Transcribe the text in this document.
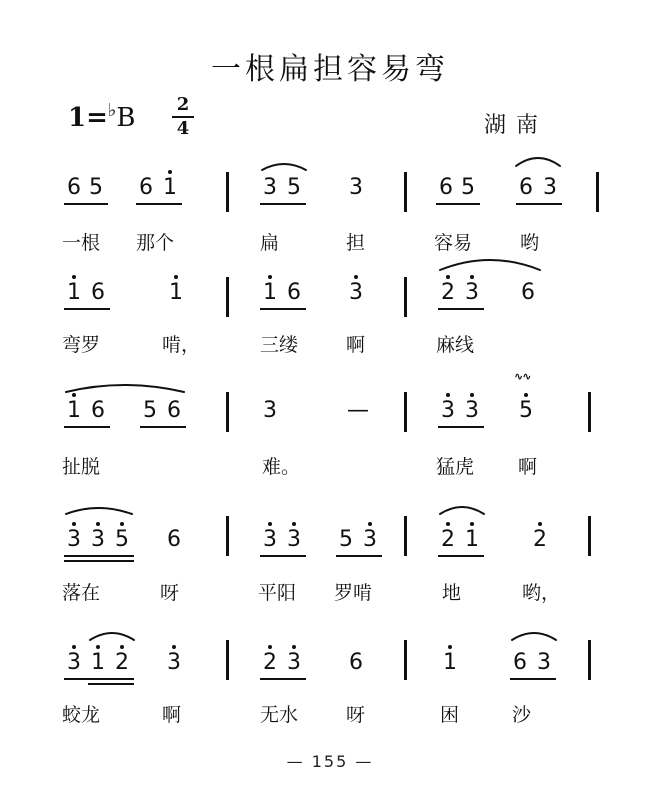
一根扁担容易弯
1=♭B 2
4	湖南
6 5 6 1	3 5 3	6 5 6 3
一根 那个	扁	担	容易	哟
1 6	1	1 6 3	2 3 6
弯罗	啃，	三缕	啊	麻线
1 6 5 6	3	—	3 3 5
∿∿
扯脱	难。	猛虎 啊
3 3 5 6	3 3 5 3	2 1 2
落在	呀	平阳 罗啃	地	哟，
3 1 2 3	2 3 6	1	6 3
蛟龙	啊	无水	呀	困	沙
— 155 —
